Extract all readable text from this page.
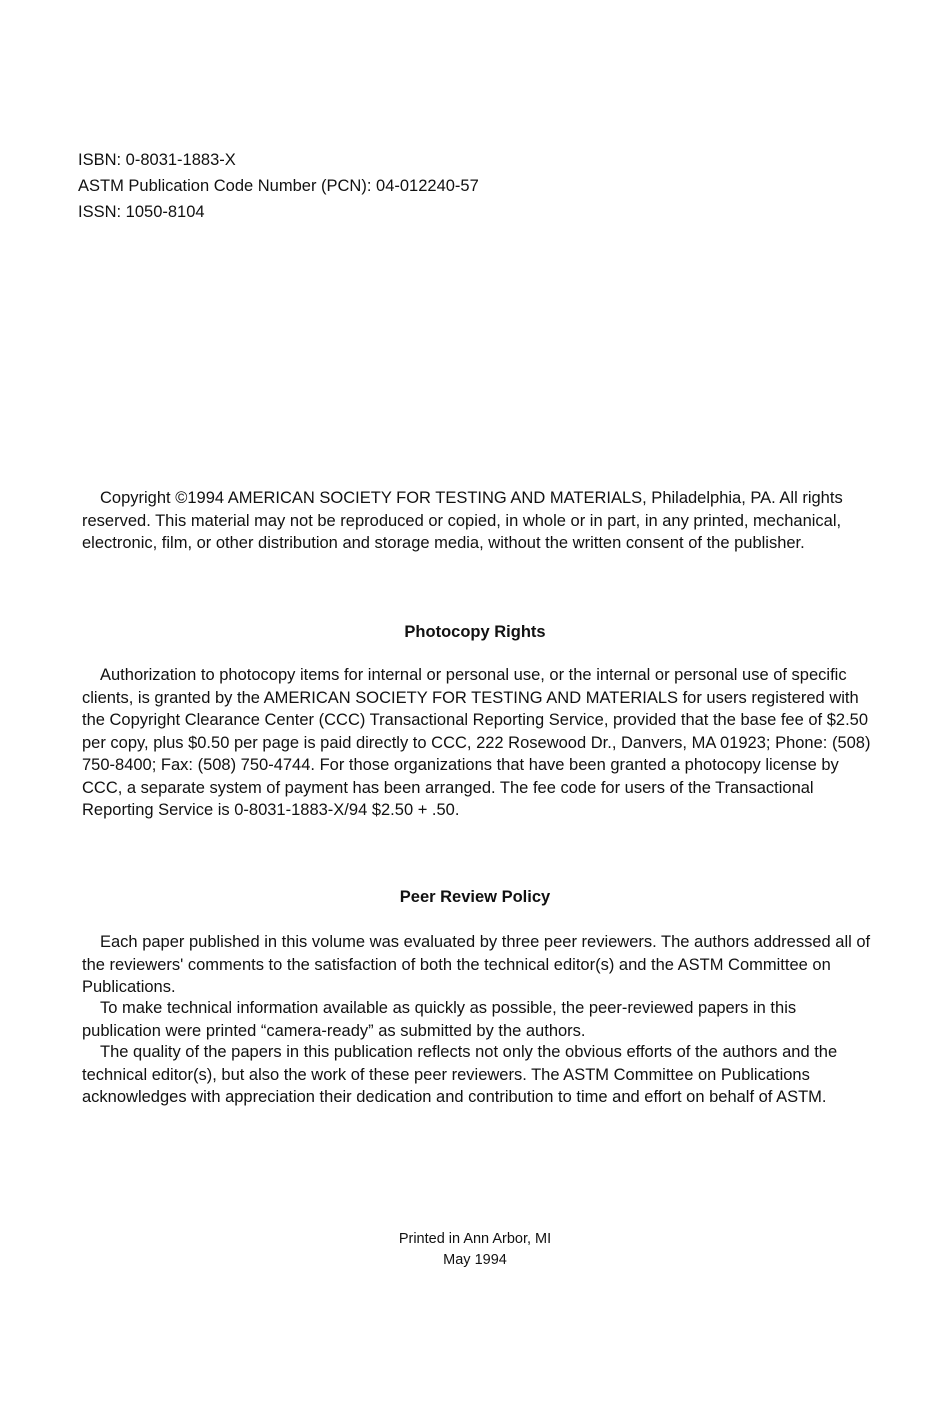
ISBN: 0-8031-1883-X
ASTM Publication Code Number (PCN): 04-012240-57
ISSN: 1050-8104

Copyright ©1994 AMERICAN SOCIETY FOR TESTING AND MATERIALS, Philadelphia, PA. All rights reserved. This material may not be reproduced or copied, in whole or in part, in any printed, mechanical, electronic, film, or other distribution and storage media, without the written consent of the publisher.

Photocopy Rights

Authorization to photocopy items for internal or personal use, or the internal or personal use of specific clients, is granted by the AMERICAN SOCIETY FOR TESTING AND MATERIALS for users registered with the Copyright Clearance Center (CCC) Transactional Reporting Service, provided that the base fee of $2.50 per copy, plus $0.50 per page is paid directly to CCC, 222 Rosewood Dr., Danvers, MA 01923; Phone: (508) 750-8400; Fax: (508) 750-4744. For those organizations that have been granted a photocopy license by CCC, a separate system of payment has been arranged. The fee code for users of the Transactional Reporting Service is 0-8031-1883-X/94 $2.50 + .50.

Peer Review Policy

Each paper published in this volume was evaluated by three peer reviewers. The authors addressed all of the reviewers' comments to the satisfaction of both the technical editor(s) and the ASTM Committee on Publications.

To make technical information available as quickly as possible, the peer-reviewed papers in this publication were printed “camera-ready” as submitted by the authors.

The quality of the papers in this publication reflects not only the obvious efforts of the authors and the technical editor(s), but also the work of these peer reviewers. The ASTM Committee on Publications acknowledges with appreciation their dedication and contribution to time and effort on behalf of ASTM.

Printed in Ann Arbor, MI
May 1994
